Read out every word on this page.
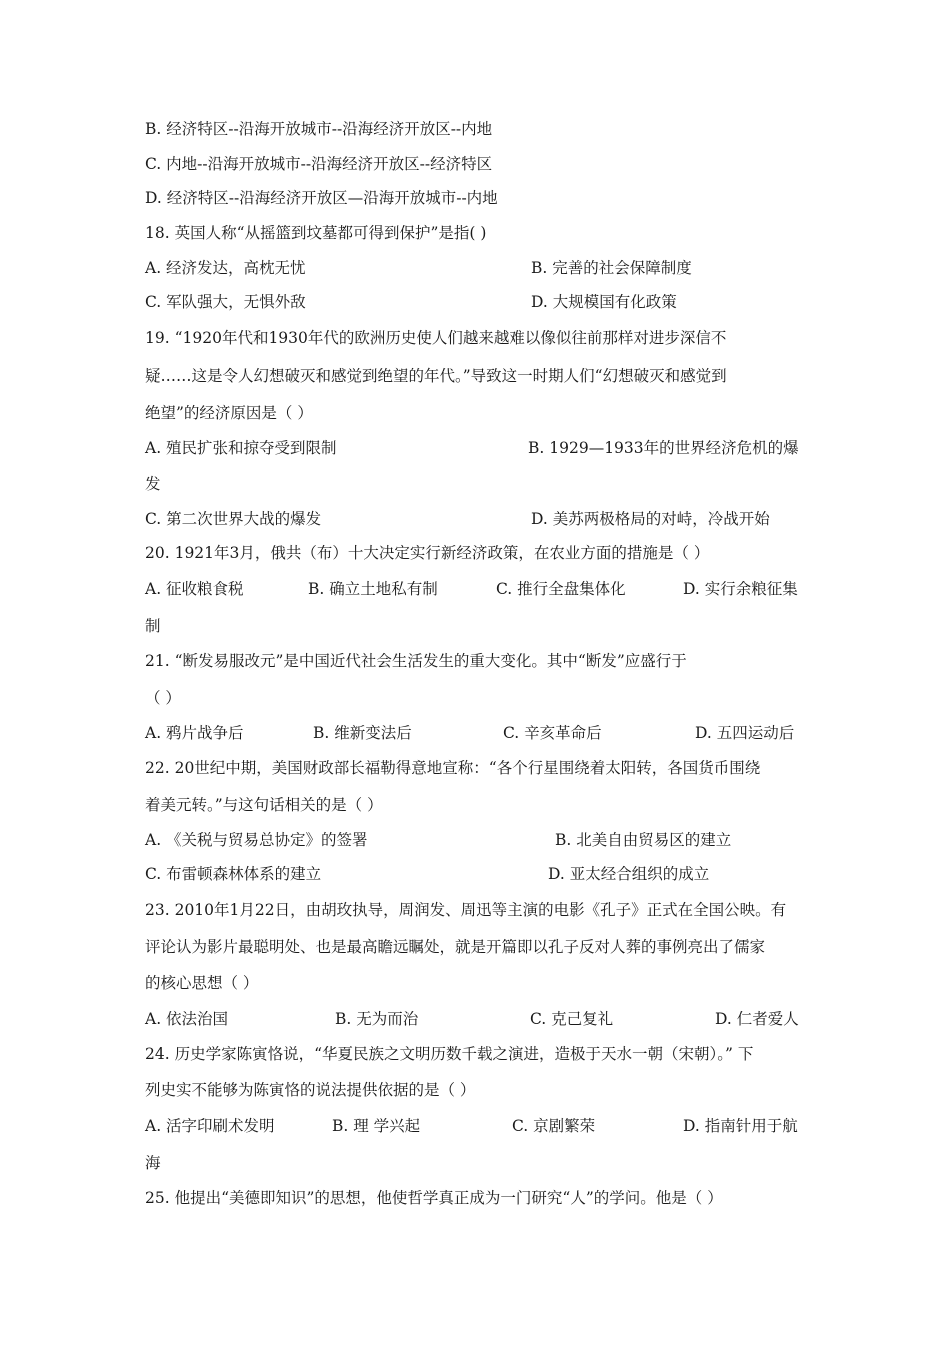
B. 经济特区--沿海开放城市--沿海经济开放区--内地
C. 内地--沿海开放城市--沿海经济开放区--经济特区
D. 经济特区--沿海经济开放区—沿海开放城市--内地
18. 英国人称“从摇篮到坟墓都可得到保护”是指( )
A. 经济发达，高枕无忧	B. 完善的社会保障制度
C. 军队强大，无惧外敌	D. 大规模国有化政策
19. “1920年代和1930年代的欧洲历史使人们越来越难以像似往前那样对进步深信不
疑……这是令人幻想破灭和感觉到绝望的年代。”导致这一时期人们“幻想破灭和感觉到
绝望”的经济原因是（ ）
A. 殖民扩张和掠夺受到限制	B. 1929—1933年的世界经济危机的爆
发
C. 第二次世界大战的爆发	D. 美苏两极格局的对峙，冷战开始
20. 1921年3月，俄共（布）十大决定实行新经济政策，在农业方面的措施是（ ）
A. 征收粮食税	B. 确立土地私有制	C. 推行全盘集体化	D. 实行余粮征集
制
21. “断发易服改元”是中国近代社会生活发生的重大变化。其中“断发”应盛行于
（ ）
A. 鸦片战争后	B. 维新变法后	C. 辛亥革命后	D. 五四运动后
22. 20世纪中期，美国财政部长福勒得意地宣称：“各个行星围绕着太阳转，各国货币围绕
着美元转。”与这句话相关的是（ ）
A. 《关税与贸易总协定》的签署	B. 北美自由贸易区的建立
C. 布雷顿森林体系的建立	D. 亚太经合组织的成立
23. 2010年1月22日，由胡玫执导，周润发、周迅等主演的电影《孔子》正式在全国公映。有
评论认为影片最聪明处、也是最高瞻远瞩处，就是开篇即以孔子反对人葬的事例亮出了儒家
的核心思想（ ）
A. 依法治国	B. 无为而治	C. 克己复礼	D. 仁者爱人
24. 历史学家陈寅恪说，“华夏民族之文明历数千载之演进，造极于天水一朝（宋朝）。” 下
列史实不能够为陈寅恪的说法提供依据的是（ ）
A. 活字印刷术发明	B. 理 学兴起	C. 京剧繁荣	D. 指南针用于航
海
25. 他提出“美德即知识”的思想，他使哲学真正成为一门研究“人”的学问。他是（ ）
